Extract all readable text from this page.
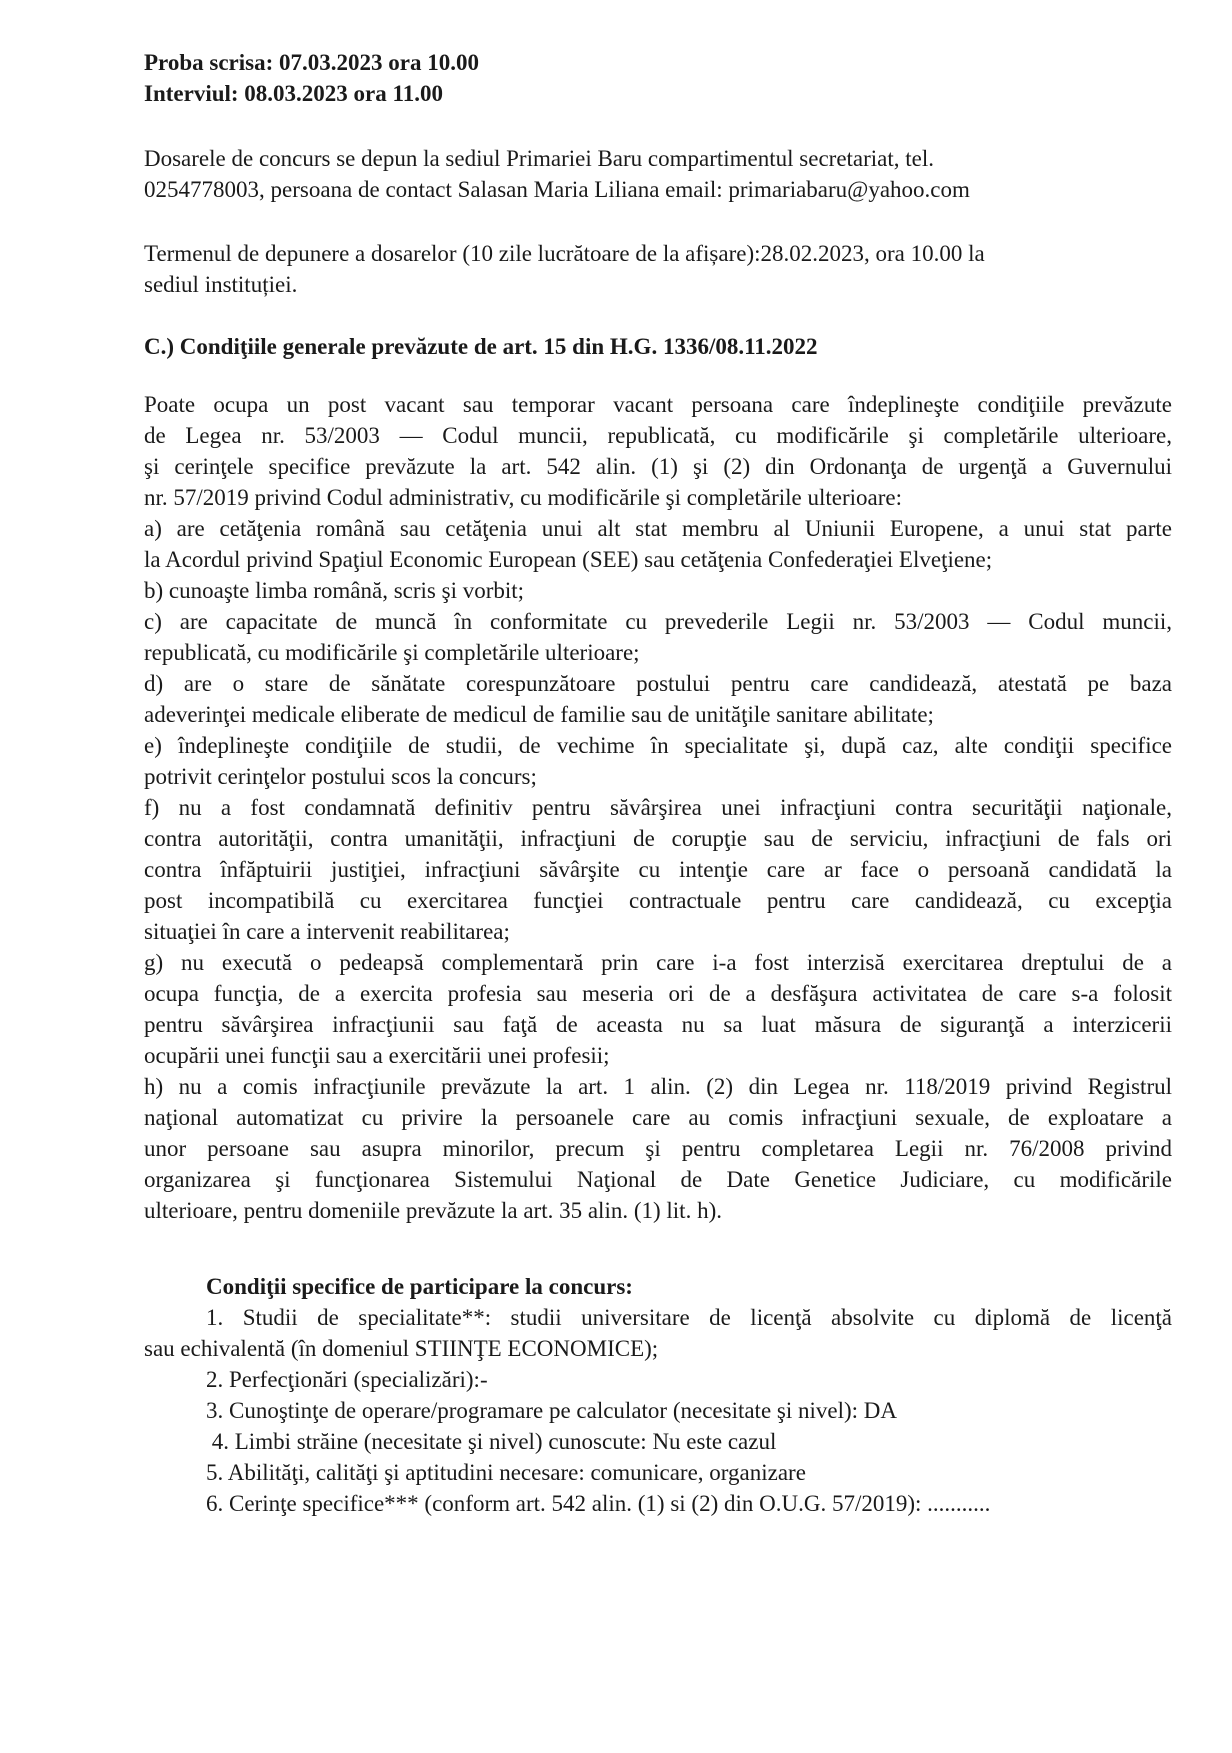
Proba scrisa: 07.03.2023 ora 10.00
Interviul: 08.03.2023 ora 11.00
Dosarele de concurs se depun la sediul Primariei Baru compartimentul secretariat, tel.
0254778003, persoana de contact Salasan Maria Liliana email: primariabaru@yahoo.com
Termenul de depunere a dosarelor (10 zile lucrătoare de la afișare):28.02.2023, ora 10.00 la
sediul instituției.
C.) Condiţiile generale prevăzute de art. 15 din H.G. 1336/08.11.2022
Poate ocupa un post vacant sau temporar vacant persoana care îndeplineşte condiţiile prevăzute
de Legea nr. 53/2003 — Codul muncii, republicată, cu modificările şi completările ulterioare,
şi cerinţele specifice prevăzute la art. 542 alin. (1) şi (2) din Ordonanţa de urgenţă a Guvernului
nr. 57/2019 privind Codul administrativ, cu modificările şi completările ulterioare:
a) are cetăţenia română sau cetăţenia unui alt stat membru al Uniunii Europene, a unui stat parte
la Acordul privind Spaţiul Economic European (SEE) sau cetăţenia Confederaţiei Elveţiene;
b) cunoaşte limba română, scris şi vorbit;
c) are capacitate de muncă în conformitate cu prevederile Legii nr. 53/2003 — Codul muncii,
republicată, cu modificările şi completările ulterioare;
d) are o stare de sănătate corespunzătoare postului pentru care candidează, atestată pe baza
adeverinţei medicale eliberate de medicul de familie sau de unităţile sanitare abilitate;
e) îndeplineşte condiţiile de studii, de vechime în specialitate şi, după caz, alte condiţii specifice
potrivit cerinţelor postului scos la concurs;
f) nu a fost condamnată definitiv pentru săvârşirea unei infracţiuni contra securităţii naţionale,
contra autorităţii, contra umanităţii, infracţiuni de corupţie sau de serviciu, infracţiuni de fals ori
contra înfăptuirii justiţiei, infracţiuni săvârşite cu intenţie care ar face o persoană candidată la
post incompatibilă cu exercitarea funcţiei contractuale pentru care candidează, cu excepţia
situaţiei în care a intervenit reabilitarea;
g) nu execută o pedeapsă complementară prin care i-a fost interzisă exercitarea dreptului de a
ocupa funcţia, de a exercita profesia sau meseria ori de a desfăşura activitatea de care s-a folosit
pentru săvârşirea infracţiunii sau faţă de aceasta nu sa luat măsura de siguranţă a interzicerii
ocupării unei funcţii sau a exercitării unei profesii;
h) nu a comis infracţiunile prevăzute la art. 1 alin. (2) din Legea nr. 118/2019 privind Registrul
naţional automatizat cu privire la persoanele care au comis infracţiuni sexuale, de exploatare a
unor persoane sau asupra minorilor, precum şi pentru completarea Legii nr. 76/2008 privind
organizarea şi funcţionarea Sistemului Naţional de Date Genetice Judiciare, cu modificările
ulterioare, pentru domeniile prevăzute la art. 35 alin. (1) lit. h).
Condiţii specifice de participare la concurs:
1. Studii de specialitate**: studii universitare de licenţă absolvite cu diplomă de licenţă
sau echivalentă (în domeniul STIINŢE ECONOMICE);
2. Perfecţionări (specializări):-
3. Cunoştinţe de operare/programare pe calculator (necesitate şi nivel): DA
4. Limbi străine (necesitate şi nivel) cunoscute: Nu este cazul
5. Abilităţi, calităţi şi aptitudini necesare: comunicare, organizare
6. Cerinţe specifice*** (conform art. 542 alin. (1) si (2) din O.U.G. 57/2019): ...........
